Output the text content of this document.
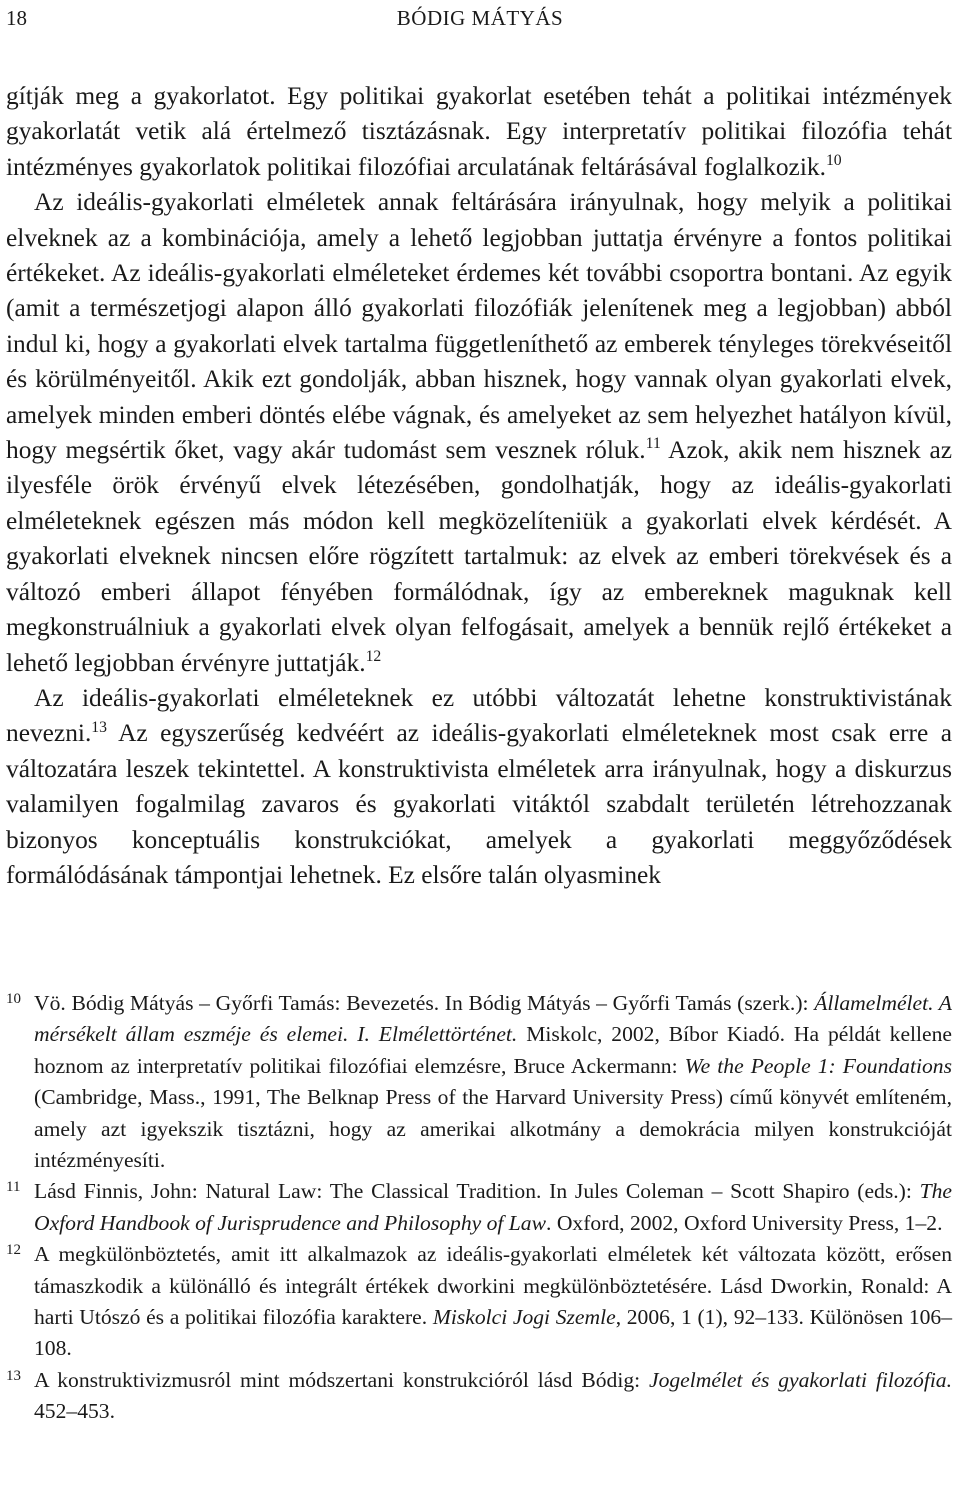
18	BÓDIG MÁTYÁS

gítják meg a gyakorlatot. Egy politikai gyakorlat esetében tehát a politikai intézmények gyakorlatát vetik alá értelmező tisztázásnak. Egy interpretatív politikai filozófia tehát intézményes gyakorlatok politikai filozófiai arculatának feltárásával foglalkozik.$^{10}$

Az ideális-gyakorlati elméletek annak feltárására irányulnak, hogy melyik a politikai elveknek az a kombinációja, amely a lehető legjobban juttatja érvényre a fontos politikai értékeket. Az ideális-gyakorlati elméleteket érdemes két további csoportra bontani. Az egyik (amit a természetjogi alapon álló gyakorlati filozófiák jelenítenek meg a legjobban) abból indul ki, hogy a gyakorlati elvek tartalma függetleníthető az emberek tényleges törekvéseitől és körülményeitől. Akik ezt gondolják, abban hisznek, hogy vannak olyan gyakorlati elvek, amelyek minden emberi döntés elébe vágnak, és amelyeket az sem helyezhet hatályon kívül, hogy megsértik őket, vagy akár tudomást sem vesznek róluk.$^{11}$ Azok, akik nem hisznek az ilyesféle örök érvényű elvek létezésében, gondolhatják, hogy az ideális-gyakorlati elméleteknek egészen más módon kell megközelíteniük a gyakorlati elvek kérdését. A gyakorlati elveknek nincsen előre rögzített tartalmuk: az elvek az emberi törekvések és a változó emberi állapot fényében formálódnak, így az embereknek maguknak kell megkonstruálniuk a gyakorlati elvek olyan felfogásait, amelyek a bennük rejlő értékeket a lehető legjobban érvényre juttatják.$^{12}$

Az ideális-gyakorlati elméleteknek ez utóbbi változatát lehetne konstruktivistának nevezni.$^{13}$ Az egyszerűség kedvéért az ideális-gyakorlati elméleteknek most csak erre a változatára leszek tekintettel. A konstruktivista elméletek arra irányulnak, hogy a diskurzus valamilyen fogalmilag zavaros és gyakorlati vitáktól szabdalt területén létrehozzanak bizonyos konceptuális konstrukciókat, amelyek a gyakorlati meggyőződések formálódásának támpontjai lehetnek. Ez elsőre talán olyasminek

10 Vö. Bódig Mátyás – Győrfi Tamás: Bevezetés. In Bódig Mátyás – Győrfi Tamás (szerk.): Államelmélet. A mérsékelt állam eszméje és elemei. I. Elmélettörténet. Miskolc, 2002, Bíbor Kiadó. Ha példát kellene hoznom az interpretatív politikai filozófiai elemzésre, Bruce Ackermann: We the People 1: Foundations (Cambridge, Mass., 1991, The Belknap Press of the Harvard University Press) című könyvét említeném, amely azt igyekszik tisztázni, hogy az amerikai alkotmány a demokrácia milyen konstrukcióját intézményesíti.

11 Lásd Finnis, John: Natural Law: The Classical Tradition. In Jules Coleman – Scott Shapiro (eds.): The Oxford Handbook of Jurisprudence and Philosophy of Law. Oxford, 2002, Oxford University Press, 1–2.

12 A megkülönböztetés, amit itt alkalmazok az ideális-gyakorlati elméletek két változata között, erősen támaszkodik a különálló és integrált értékek dworkini megkülönböztetésére. Lásd Dworkin, Ronald: A harti Utószó és a politikai filozófia karaktere. Miskolci Jogi Szemle, 2006, 1 (1), 92–133. Különösen 106–108.

13 A konstruktivizmusról mint módszertani konstrukcióról lásd Bódig: Jogelmélet és gyakorlati filozófia. 452–453.
